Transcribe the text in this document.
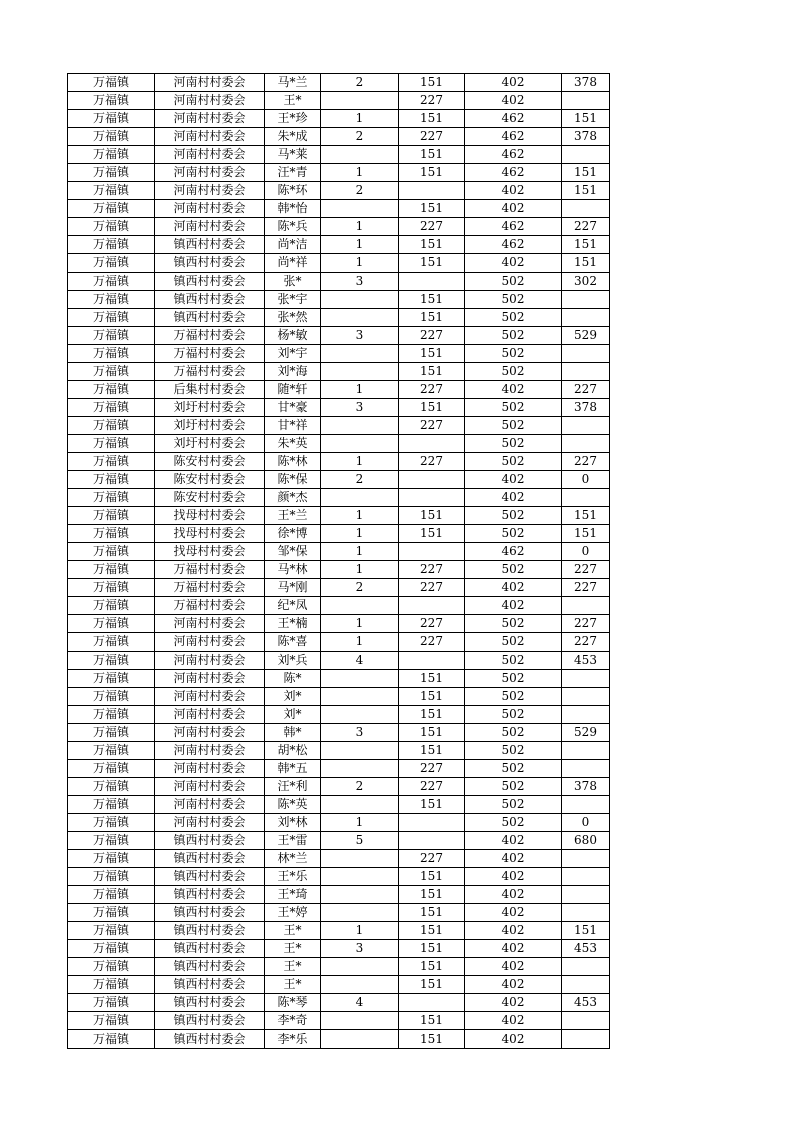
万福镇	河南村村委会	马*兰	2	151	402	378
万福镇	河南村村委会	王*		227	402	
万福镇	河南村村委会	王*珍	1	151	462	151
万福镇	河南村村委会	朱*成	2	227	462	378
万福镇	河南村村委会	马*莱		151	462	
万福镇	河南村村委会	汪*青	1	151	462	151
万福镇	河南村村委会	陈*环	2		402	151
万福镇	河南村村委会	韩*怡		151	402	
万福镇	河南村村委会	陈*兵	1	227	462	227
万福镇	镇西村村委会	尚*洁	1	151	462	151
万福镇	镇西村村委会	尚*祥	1	151	402	151
万福镇	镇西村村委会	张*	3		502	302
万福镇	镇西村村委会	张*宇		151	502	
万福镇	镇西村村委会	张*然		151	502	
万福镇	万福村村委会	杨*敏	3	227	502	529
万福镇	万福村村委会	刘*宇		151	502	
万福镇	万福村村委会	刘*海		151	502	
万福镇	后集村村委会	随*轩	1	227	402	227
万福镇	刘圩村村委会	甘*豪	3	151	502	378
万福镇	刘圩村村委会	甘*祥		227	502	
万福镇	刘圩村村委会	朱*英			502	
万福镇	陈安村村委会	陈*林	1	227	502	227
万福镇	陈安村村委会	陈*保	2		402	0
万福镇	陈安村村委会	颜*杰			402	
万福镇	找母村村委会	王*兰	1	151	502	151
万福镇	找母村村委会	徐*博	1	151	502	151
万福镇	找母村村委会	邹*保	1		462	0
万福镇	万福村村委会	马*林	1	227	502	227
万福镇	万福村村委会	马*刚	2	227	402	227
万福镇	万福村村委会	纪*凤			402	
万福镇	河南村村委会	王*楠	1	227	502	227
万福镇	河南村村委会	陈*喜	1	227	502	227
万福镇	河南村村委会	刘*兵	4		502	453
万福镇	河南村村委会	陈*		151	502	
万福镇	河南村村委会	刘*		151	502	
万福镇	河南村村委会	刘*		151	502	
万福镇	河南村村委会	韩*	3	151	502	529
万福镇	河南村村委会	胡*松		151	502	
万福镇	河南村村委会	韩*五		227	502	
万福镇	河南村村委会	汪*利	2	227	502	378
万福镇	河南村村委会	陈*英		151	502	
万福镇	河南村村委会	刘*林	1		502	0
万福镇	镇西村村委会	王*雷	5		402	680
万福镇	镇西村村委会	林*兰		227	402	
万福镇	镇西村村委会	王*乐		151	402	
万福镇	镇西村村委会	王*琦		151	402	
万福镇	镇西村村委会	王*婷		151	402	
万福镇	镇西村村委会	王*	1	151	402	151
万福镇	镇西村村委会	王*	3	151	402	453
万福镇	镇西村村委会	王*		151	402	
万福镇	镇西村村委会	王*		151	402	
万福镇	镇西村村委会	陈*琴	4		402	453
万福镇	镇西村村委会	李*奇		151	402	
万福镇	镇西村村委会	李*乐		151	402	
